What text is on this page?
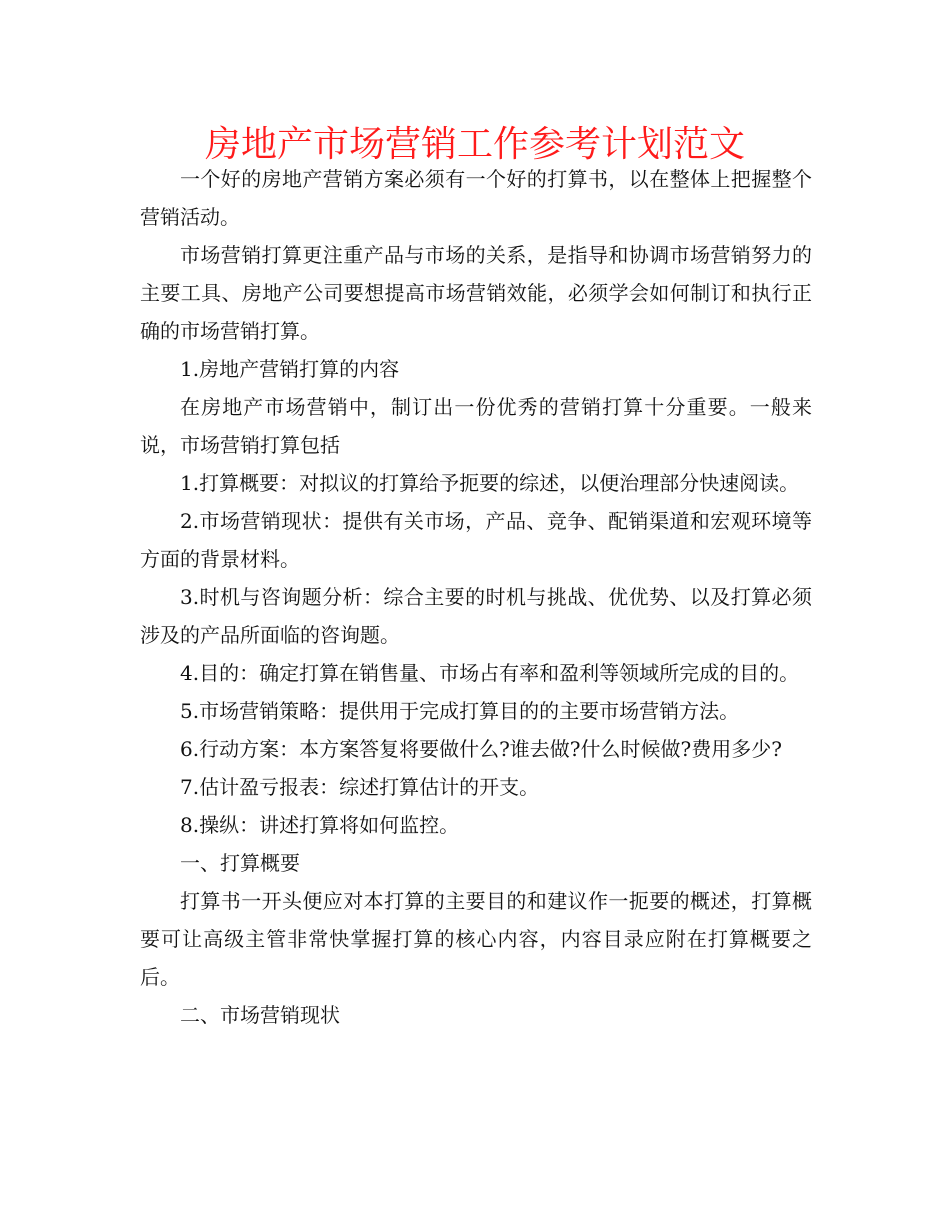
房地产市场营销工作参考计划范文

一个好的房地产营销方案必须有一个好的打算书，以在整体上把握整个营销活动。

市场营销打算更注重产品与市场的关系，是指导和协调市场营销努力的主要工具、房地产公司要想提高市场营销效能，必须学会如何制订和执行正确的市场营销打算。

1.房地产营销打算的内容

在房地产市场营销中，制订出一份优秀的营销打算十分重要。一般来说，市场营销打算包括

1.打算概要：对拟议的打算给予扼要的综述，以便治理部分快速阅读。

2.市场营销现状：提供有关市场，产品、竞争、配销渠道和宏观环境等方面的背景材料。

3.时机与咨询题分析：综合主要的时机与挑战、优优势、以及打算必须涉及的产品所面临的咨询题。

4.目的：确定打算在销售量、市场占有率和盈利等领域所完成的目的。

5.市场营销策略：提供用于完成打算目的的主要市场营销方法。

6.行动方案：本方案答复将要做什么?谁去做?什么时候做?费用多少?

7.估计盈亏报表：综述打算估计的开支。

8.操纵：讲述打算将如何监控。

一、打算概要

打算书一开头便应对本打算的主要目的和建议作一扼要的概述，打算概要可让高级主管非常快掌握打算的核心内容，内容目录应附在打算概要之后。

二、市场营销现状
